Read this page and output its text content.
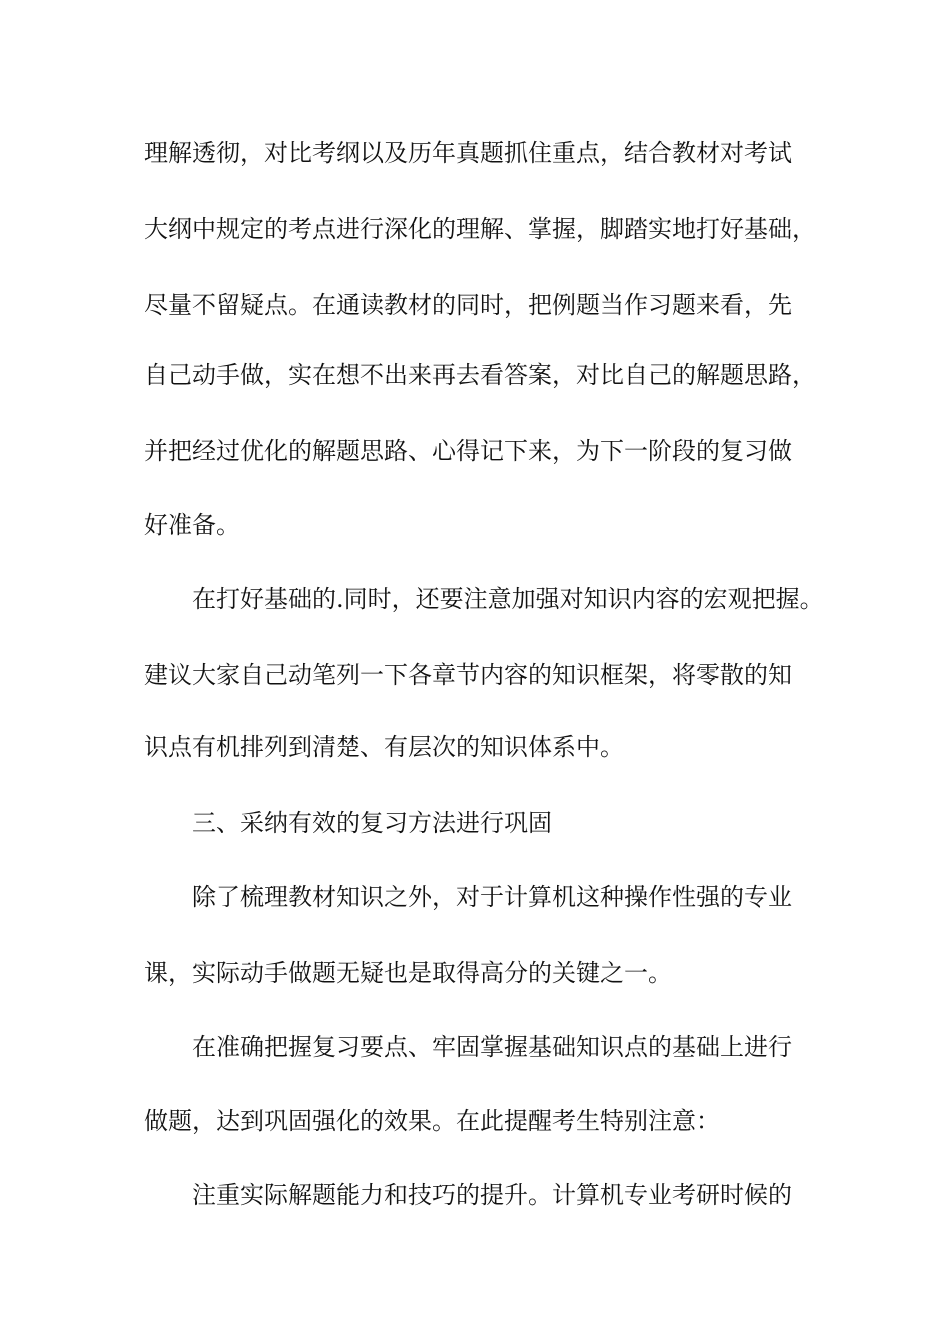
理解透彻，对比考纲以及历年真题抓住重点，结合教材对考试
大纲中规定的考点进行深化的理解、掌握，脚踏实地打好基础，
尽量不留疑点。在通读教材的同时，把例题当作习题来看，先
自己动手做，实在想不出来再去看答案，对比自己的解题思路，
并把经过优化的解题思路、心得记下来，为下一阶段的复习做
好准备。
在打好基础的.同时，还要注意加强对知识内容的宏观把握。
建议大家自己动笔列一下各章节内容的知识框架，将零散的知
识点有机排列到清楚、有层次的知识体系中。
三、采纳有效的复习方法进行巩固
除了梳理教材知识之外，对于计算机这种操作性强的专业
课，实际动手做题无疑也是取得高分的关键之一。
在准确把握复习要点、牢固掌握基础知识点的基础上进行
做题，达到巩固强化的效果。在此提醒考生特别注意：
注重实际解题能力和技巧的提升。计算机专业考研时候的
